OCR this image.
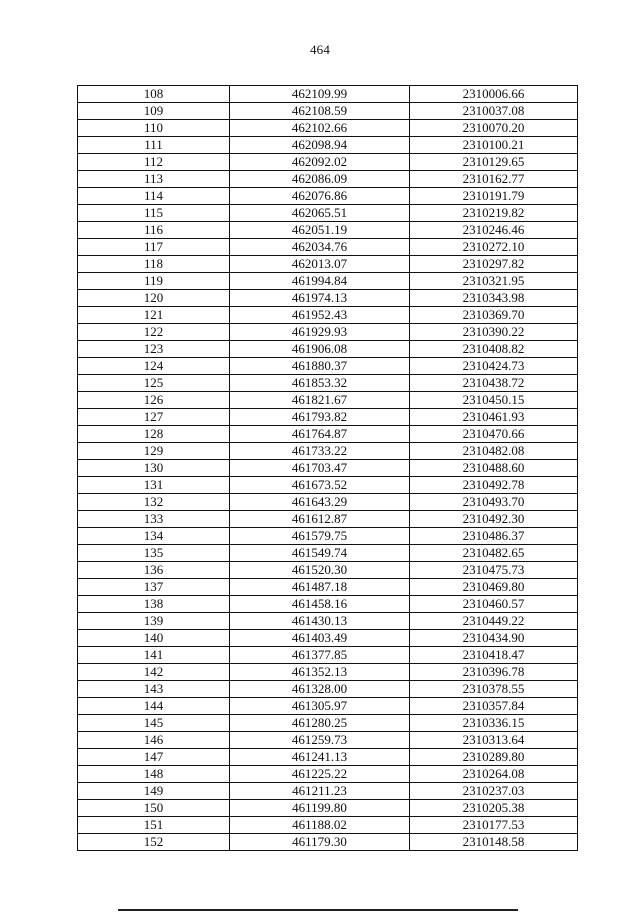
464
108	462109.99	2310006.66
109	462108.59	2310037.08
110	462102.66	2310070.20
111	462098.94	2310100.21
112	462092.02	2310129.65
113	462086.09	2310162.77
114	462076.86	2310191.79
115	462065.51	2310219.82
116	462051.19	2310246.46
117	462034.76	2310272.10
118	462013.07	2310297.82
119	461994.84	2310321.95
120	461974.13	2310343.98
121	461952.43	2310369.70
122	461929.93	2310390.22
123	461906.08	2310408.82
124	461880.37	2310424.73
125	461853.32	2310438.72
126	461821.67	2310450.15
127	461793.82	2310461.93
128	461764.87	2310470.66
129	461733.22	2310482.08
130	461703.47	2310488.60
131	461673.52	2310492.78
132	461643.29	2310493.70
133	461612.87	2310492.30
134	461579.75	2310486.37
135	461549.74	2310482.65
136	461520.30	2310475.73
137	461487.18	2310469.80
138	461458.16	2310460.57
139	461430.13	2310449.22
140	461403.49	2310434.90
141	461377.85	2310418.47
142	461352.13	2310396.78
143	461328.00	2310378.55
144	461305.97	2310357.84
145	461280.25	2310336.15
146	461259.73	2310313.64
147	461241.13	2310289.80
148	461225.22	2310264.08
149	461211.23	2310237.03
150	461199.80	2310205.38
151	461188.02	2310177.53
152	461179.30	2310148.58
